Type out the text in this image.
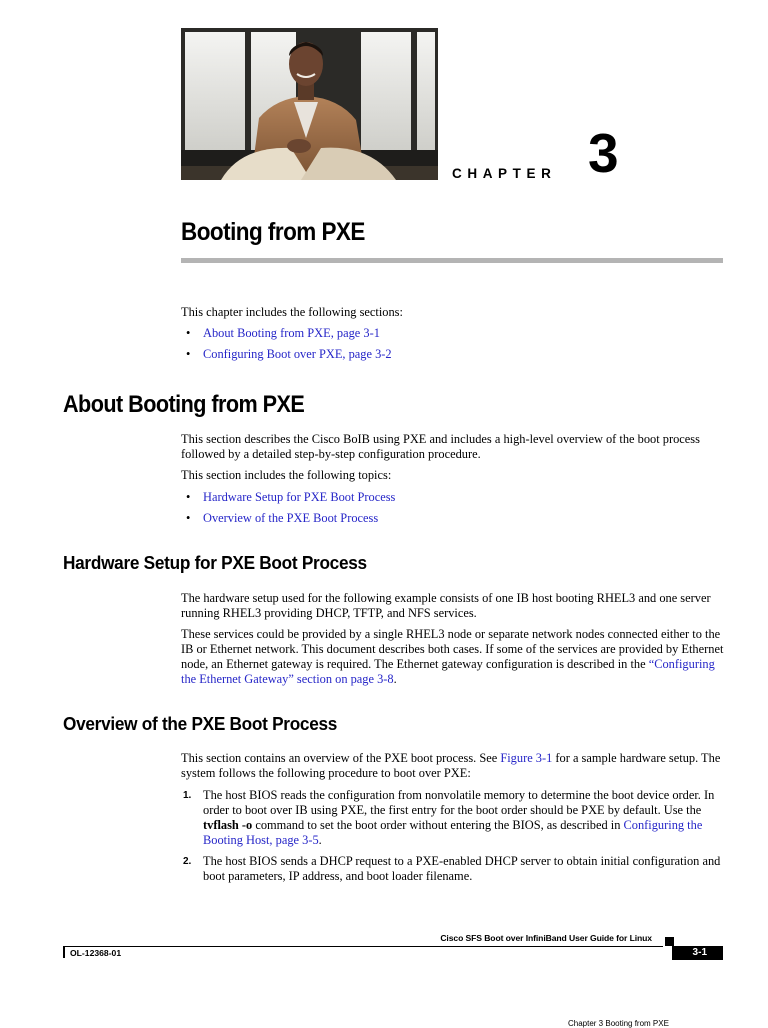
CHAPTER 3
Booting from PXE
This chapter includes the following sections:
• About Booting from PXE, page 3-1
• Configuring Boot over PXE, page 3-2
About Booting from PXE
This section describes the Cisco BoIB using PXE and includes a high-level overview of the boot process followed by a detailed step-by-step configuration procedure.
This section includes the following topics:
• Hardware Setup for PXE Boot Process
• Overview of the PXE Boot Process
Hardware Setup for PXE Boot Process
The hardware setup used for the following example consists of one IB host booting RHEL3 and one server running RHEL3 providing DHCP, TFTP, and NFS services.
These services could be provided by a single RHEL3 node or separate network nodes connected either to the IB or Ethernet network. This document describes both cases. If some of the services are provided by Ethernet node, an Ethernet gateway is required. The Ethernet gateway configuration is described in the “Configuring the Ethernet Gateway” section on page 3-8.
Overview of the PXE Boot Process
This section contains an overview of the PXE boot process. See Figure 3-1 for a sample hardware setup. The system follows the following procedure to boot over PXE:
1. The host BIOS reads the configuration from nonvolatile memory to determine the boot device order. In order to boot over IB using PXE, the first entry for the boot order should be PXE by default. Use the tvflash -o command to set the boot order without entering the BIOS, as described in Configuring the Booting Host, page 3-5.
2. The host BIOS sends a DHCP request to a PXE-enabled DHCP server to obtain initial configuration and boot parameters, IP address, and boot loader filename.
Cisco SFS Boot over InfiniBand User Guide for Linux
OL-12368-01	3-1
Chapter 3 Booting from PXE
